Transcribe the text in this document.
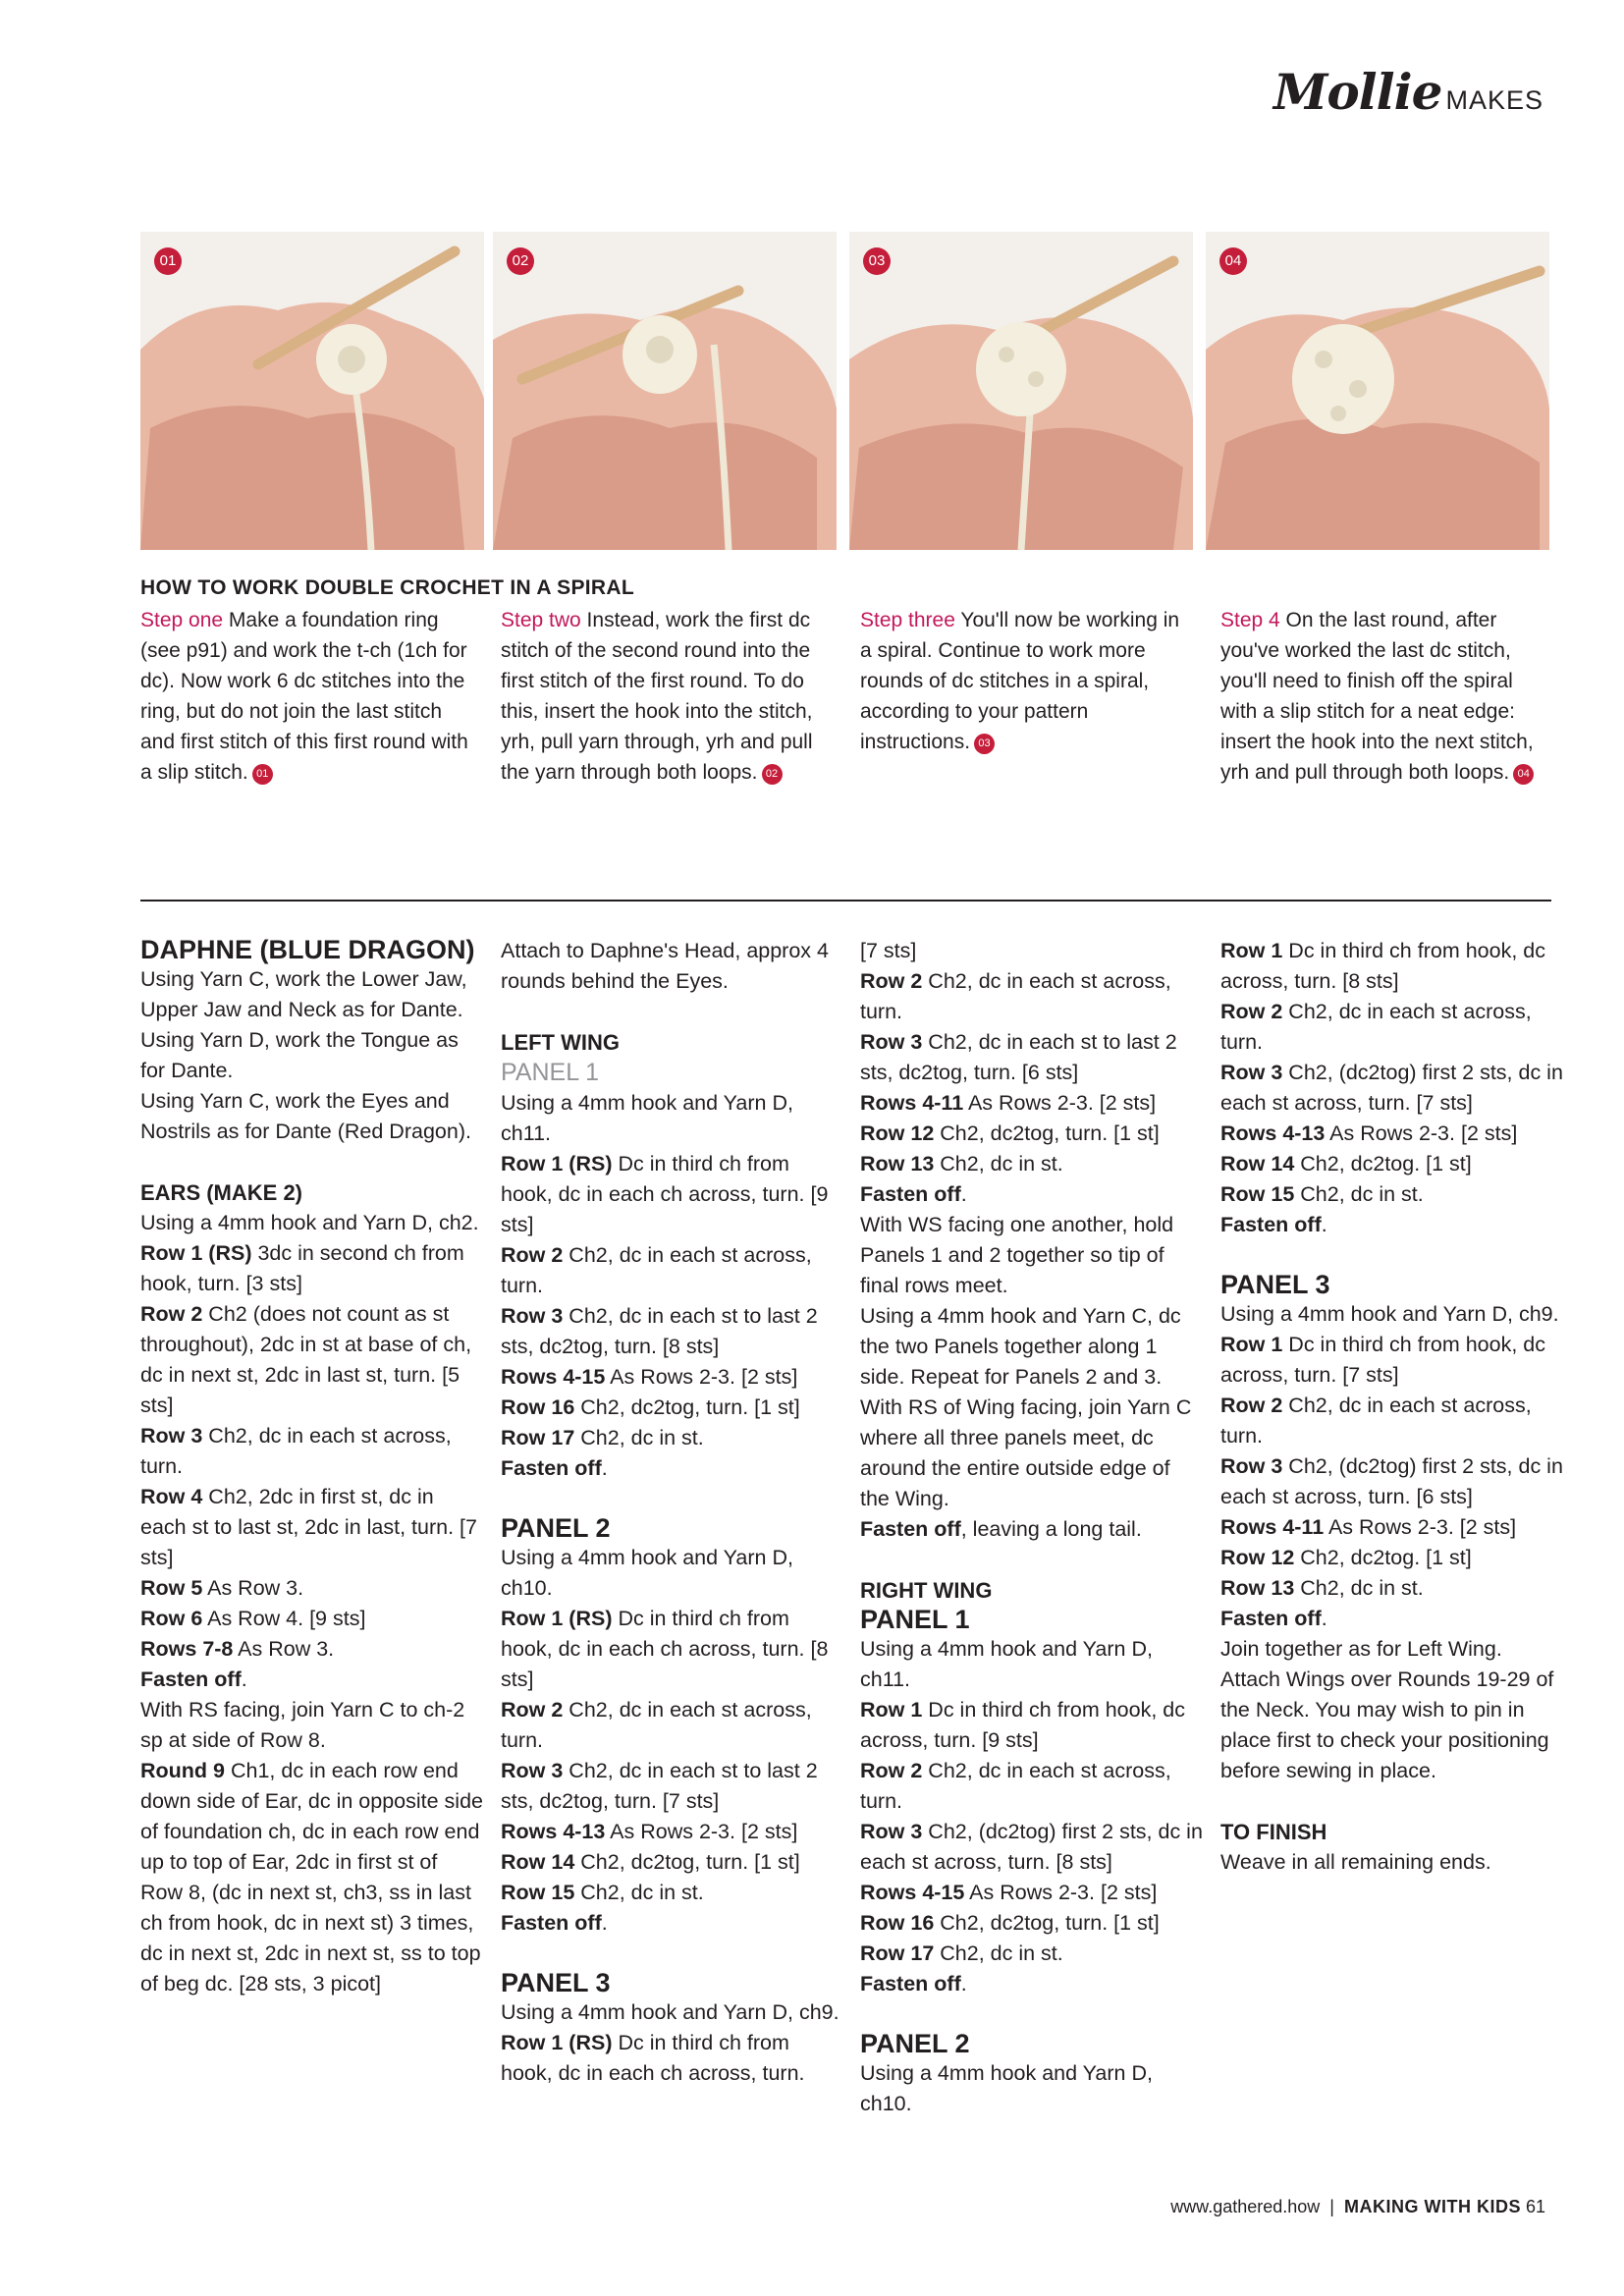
Mollie MAKES
01	02	03	04
HOW TO WORK DOUBLE CROCHET IN A SPIRAL
Step one Make a foundation ring (see p91) and work the t-ch (1ch for dc). Now work 6 dc stitches into the ring, but do not join the last stitch and first stitch of this first round with a slip stitch. 01
Step two Instead, work the first dc stitch of the second round into the first stitch of the first round. To do this, insert the hook into the stitch, yrh, pull yarn through, yrh and pull the yarn through both loops. 02
Step three You'll now be working in a spiral. Continue to work more rounds of dc stitches in a spiral, according to your pattern instructions. 03
Step 4 On the last round, after you've worked the last dc stitch, you'll need to finish off the spiral with a slip stitch for a neat edge: insert the hook into the next stitch, yrh and pull through both loops. 04

DAPHNE (BLUE DRAGON)

Using Yarn C, work the Lower Jaw, Upper Jaw and Neck as for Dante.

Using Yarn D, work the Tongue as for Dante.

Using Yarn C, work the Eyes and Nostrils as for Dante (Red Dragon).

EARS (MAKE 2)

Using a 4mm hook and Yarn D, ch2.

Row 1 (RS) 3dc in second ch from hook, turn. [3 sts]

Row 2 Ch2 (does not count as st throughout), 2dc in st at base of ch, dc in next st, 2dc in last st, turn. [5 sts]

Row 3 Ch2, dc in each st across, turn.

Row 4 Ch2, 2dc in first st, dc in each st to last st, 2dc in last, turn. [7 sts]

Row 5 As Row 3.

Row 6 As Row 4. [9 sts]

Rows 7-8 As Row 3.

Fasten off.

With RS facing, join Yarn C to ch-2 sp at side of Row 8.

Round 9 Ch1, dc in each row end down side of Ear, dc in opposite side of foundation ch, dc in each row end up to top of Ear, 2dc in first st of Row 8, (dc in next st, ch3, ss in last ch from hook, dc in next st) 3 times, dc in next st, 2dc in next st, ss to top of beg dc. [28 sts, 3 picot]

Attach to Daphne's Head, approx 4 rounds behind the Eyes.

LEFT WING

PANEL 1

Using a 4mm hook and Yarn D, ch11.

Row 1 (RS) Dc in third ch from hook, dc in each ch across, turn. [9 sts]

Row 2 Ch2, dc in each st across, turn.

Row 3 Ch2, dc in each st to last 2 sts, dc2tog, turn. [8 sts]

Rows 4-15 As Rows 2-3. [2 sts]

Row 16 Ch2, dc2tog, turn. [1 st]

Row 17 Ch2, dc in st.

Fasten off.

PANEL 2

Using a 4mm hook and Yarn D, ch10.

Row 1 (RS) Dc in third ch from hook, dc in each ch across, turn. [8 sts]

Row 2 Ch2, dc in each st across, turn.

Row 3 Ch2, dc in each st to last 2 sts, dc2tog, turn. [7 sts]

Rows 4-13 As Rows 2-3. [2 sts]

Row 14 Ch2, dc2tog, turn. [1 st]

Row 15 Ch2, dc in st.

Fasten off.

PANEL 3

Using a 4mm hook and Yarn D, ch9.

Row 1 (RS) Dc in third ch from hook, dc in each ch across, turn.

[7 sts]

Row 2 Ch2, dc in each st across, turn.

Row 3 Ch2, dc in each st to last 2 sts, dc2tog, turn. [6 sts]

Rows 4-11 As Rows 2-3. [2 sts]

Row 12 Ch2, dc2tog, turn. [1 st]

Row 13 Ch2, dc in st.

Fasten off.

With WS facing one another, hold Panels 1 and 2 together so tip of final rows meet.

Using a 4mm hook and Yarn C, dc the two Panels together along 1 side. Repeat for Panels 2 and 3.

With RS of Wing facing, join Yarn C where all three panels meet, dc around the entire outside edge of the Wing.

Fasten off, leaving a long tail.

RIGHT WING

PANEL 1

Using a 4mm hook and Yarn D, ch11.

Row 1 Dc in third ch from hook, dc across, turn. [9 sts]

Row 2 Ch2, dc in each st across, turn.

Row 3 Ch2, (dc2tog) first 2 sts, dc in each st across, turn. [8 sts]

Rows 4-15 As Rows 2-3. [2 sts]

Row 16 Ch2, dc2tog, turn. [1 st]

Row 17 Ch2, dc in st.

Fasten off.

PANEL 2

Using a 4mm hook and Yarn D, ch10.

Row 1 Dc in third ch from hook, dc across, turn. [8 sts]

Row 2 Ch2, dc in each st across, turn.

Row 3 Ch2, (dc2tog) first 2 sts, dc in each st across, turn. [7 sts]

Rows 4-13 As Rows 2-3. [2 sts]

Row 14 Ch2, dc2tog. [1 st]

Row 15 Ch2, dc in st.

Fasten off.

PANEL 3

Using a 4mm hook and Yarn D, ch9.

Row 1 Dc in third ch from hook, dc across, turn. [7 sts]

Row 2 Ch2, dc in each st across, turn.

Row 3 Ch2, (dc2tog) first 2 sts, dc in each st across, turn. [6 sts]

Rows 4-11 As Rows 2-3. [2 sts]

Row 12 Ch2, dc2tog. [1 st]

Row 13 Ch2, dc in st.

Fasten off.

Join together as for Left Wing. Attach Wings over Rounds 19-29 of the Neck. You may wish to pin in place first to check your positioning before sewing in place.

TO FINISH

Weave in all remaining ends.

www.gathered.how | MAKING WITH KIDS 61
